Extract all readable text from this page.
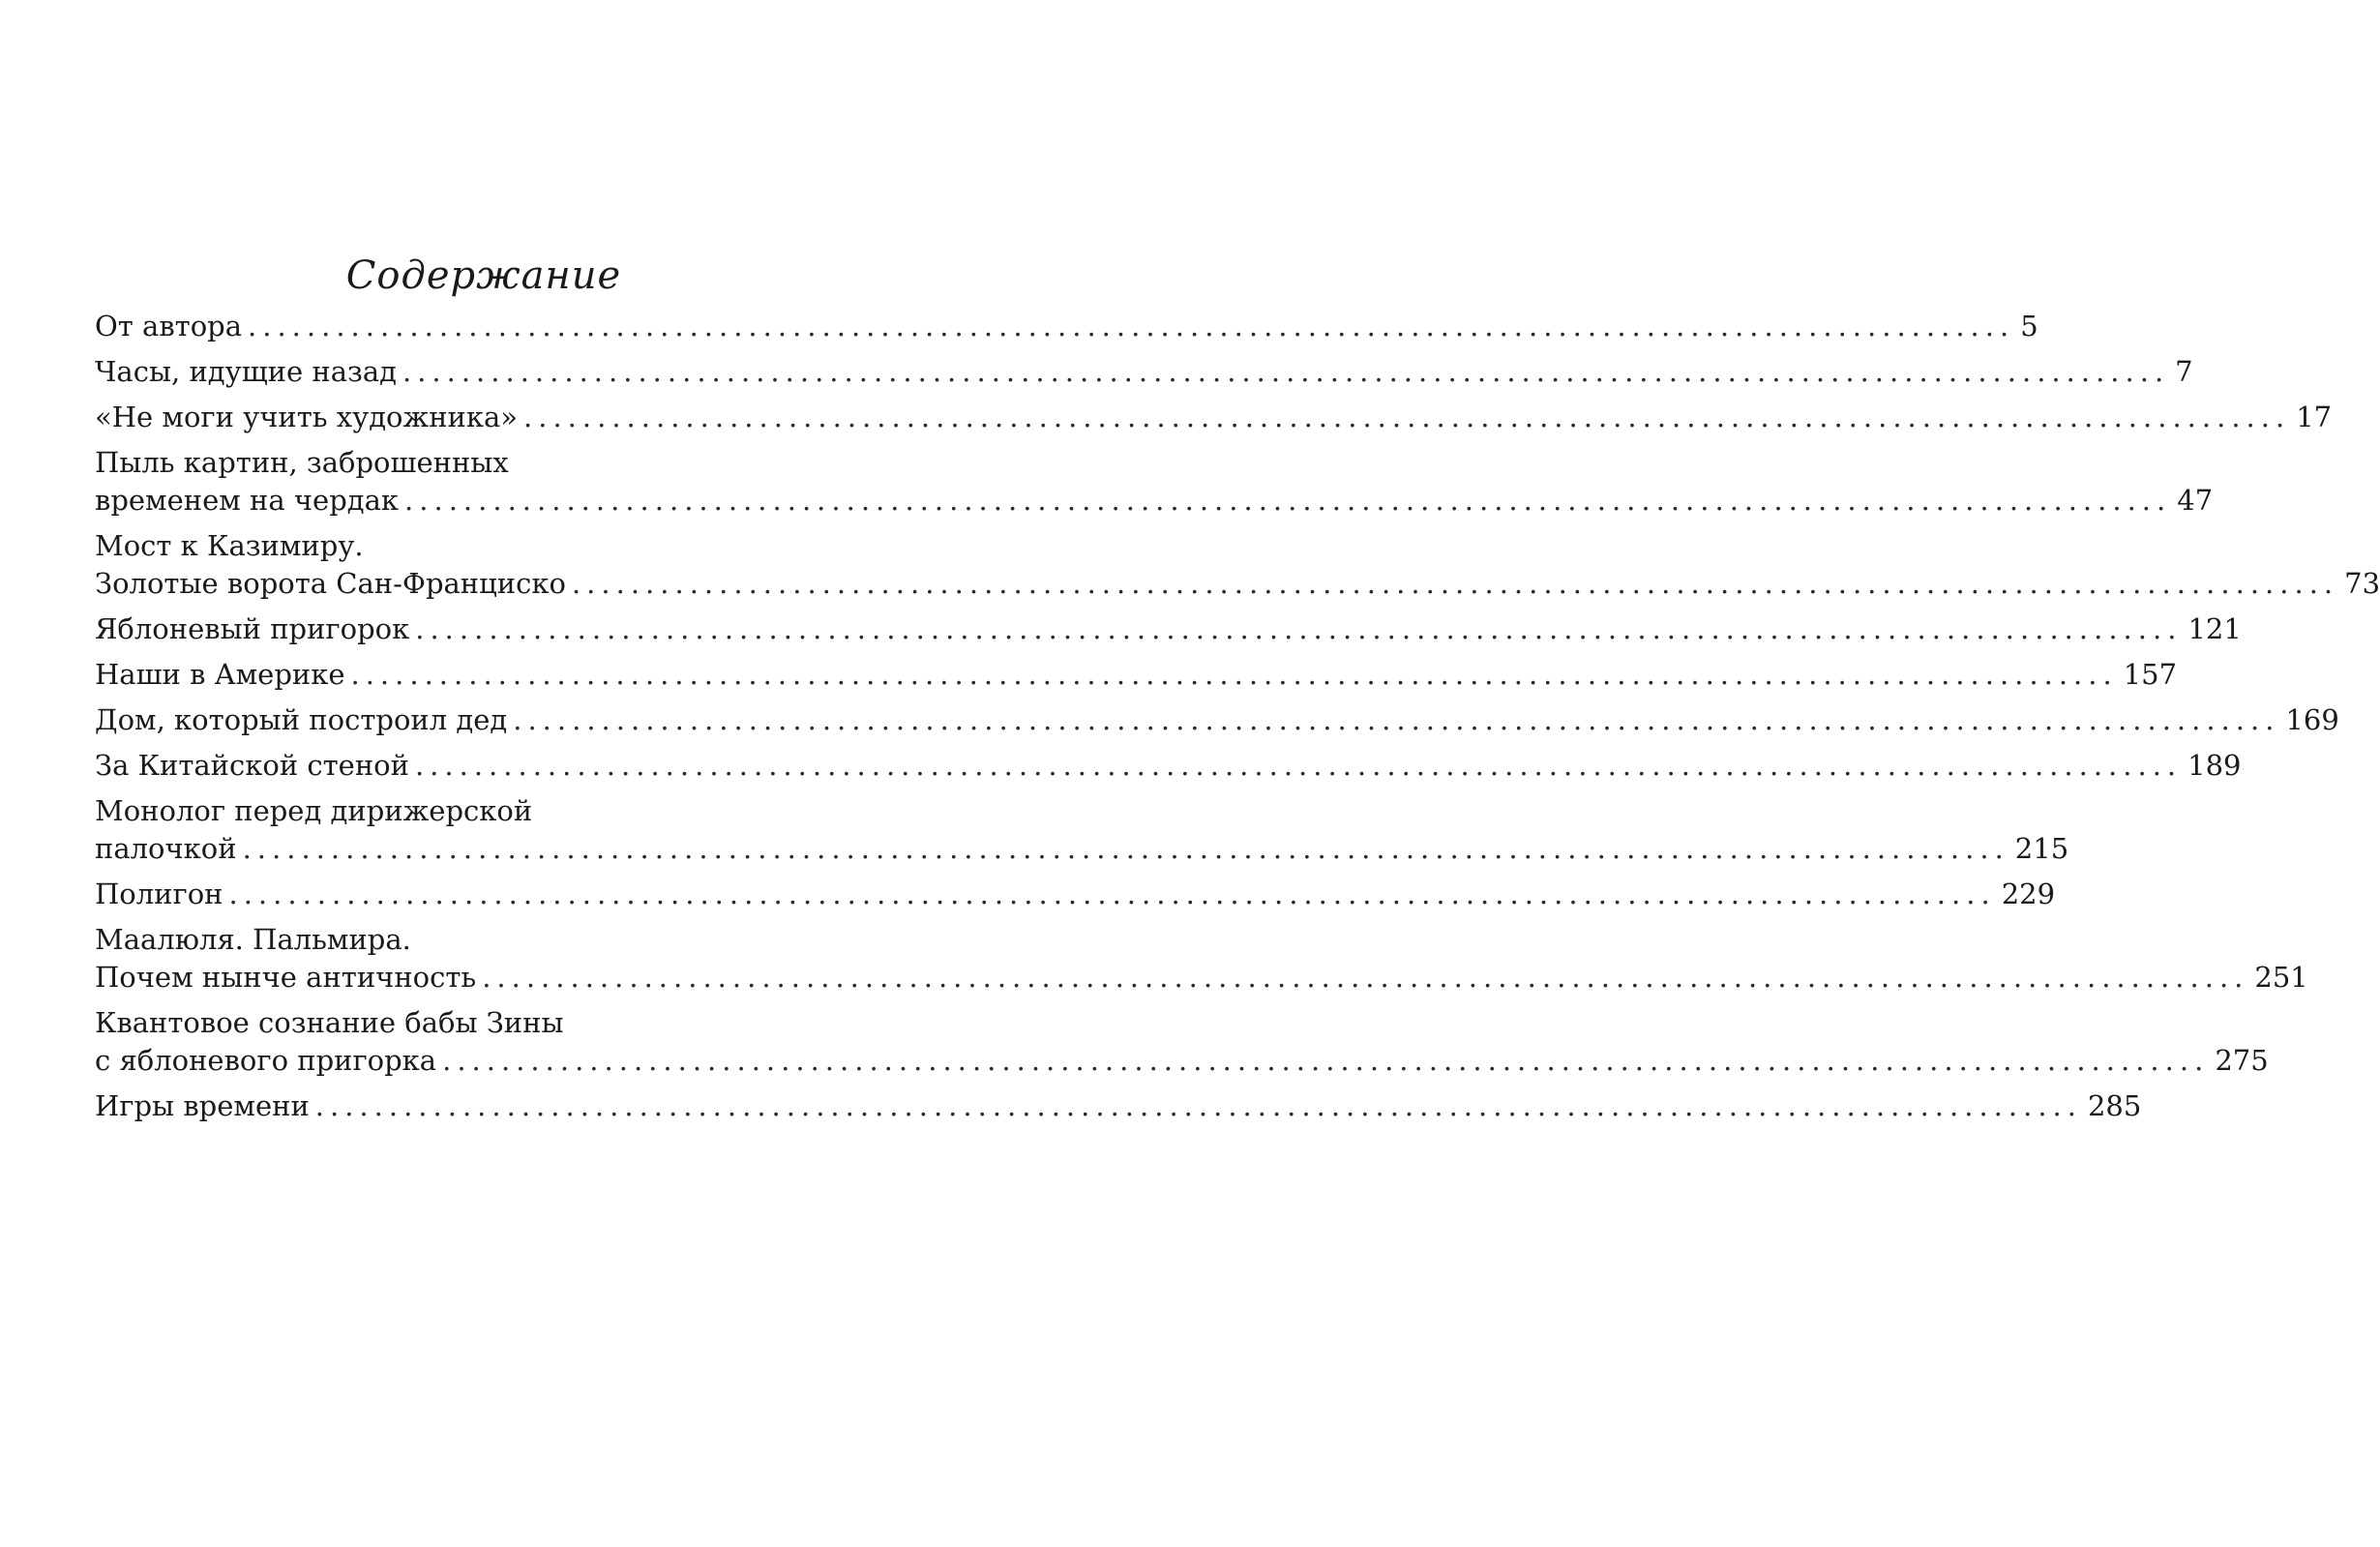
Содержание
От автора ........................................................................................................................ 5
Часы, идущие назад ........................................................................................................................ 7
«Не моги учить художника» ........................................................................................................................ 17
Пыль картин, заброшенных
временем на чердак ........................................................................................................................ 47
Мост к Казимиру.
Золотые ворота Сан-Франциско ........................................................................................................................ 73
Яблоневый пригорок ........................................................................................................................ 121
Наши в Америке ........................................................................................................................ 157
Дом, который построил дед ........................................................................................................................ 169
За Китайской стеной ........................................................................................................................ 189
Монолог перед дирижерской
палочкой ........................................................................................................................ 215
Полигон ........................................................................................................................ 229
Маалюля. Пальмира.
Почем нынче античность ........................................................................................................................ 251
Квантовое сознание бабы Зины
с яблоневого пригорка ........................................................................................................................ 275
Игры времени ........................................................................................................................ 285
